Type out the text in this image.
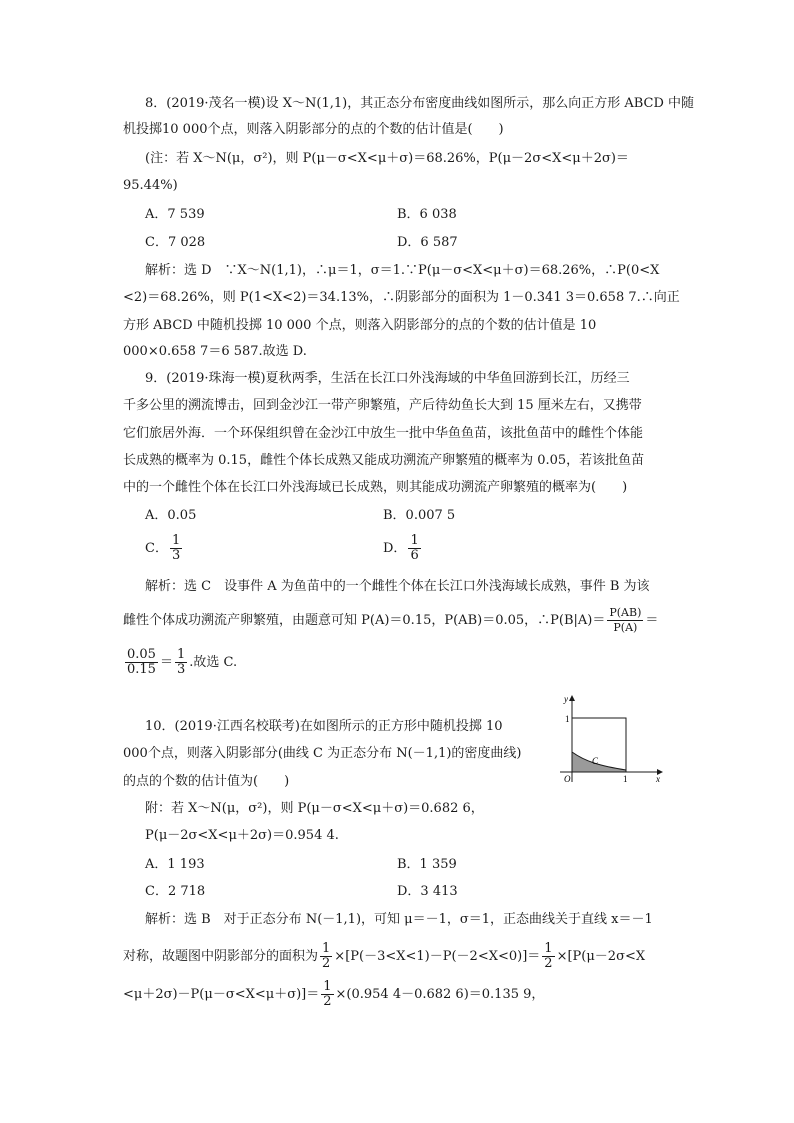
8．(2019·茂名一模)设 X～N(1,1)，其正态分布密度曲线如图所示，那么向正方形 ABCD 中随
机投掷10 000个点，则落入阴影部分的点的个数的估计值是(　　)
(注：若 X～N(μ，σ²)，则 P(μ－σ<X<μ＋σ)＝68.26%，P(μ－2σ<X<μ＋2σ)＝
95.44%)
A．7 539	B．6 038
C．7 028	D．6 587
解析：选 D　∵X～N(1,1)，∴μ＝1，σ＝1.∵P(μ－σ<X<μ＋σ)＝68.26%，∴P(0<X
<2)＝68.26%，则 P(1<X<2)＝34.13%，∴阴影部分的面积为 1－0.341 3＝0.658 7.∴向正
方形 ABCD 中随机投掷 10 000 个点，则落入阴影部分的点的个数的估计值是 10
000×0.658 7＝6 587.故选 D.
9．(2019·珠海一模)夏秋两季，生活在长江口外浅海域的中华鱼回游到长江，历经三
千多公里的溯流博击，回到金沙江一带产卵繁殖，产后待幼鱼长大到 15 厘米左右，又携带
它们旅居外海．一个环保组织曾在金沙江中放生一批中华鱼鱼苗，该批鱼苗中的雌性个体能
长成熟的概率为 0.15，雌性个体长成熟又能成功溯流产卵繁殖的概率为 0.05，若该批鱼苗
中的一个雌性个体在长江口外浅海域已长成熟，则其能成功溯流产卵繁殖的概率为(　　)
A．0.05	B．0.007 5
C． $\frac{1}{3}$	D． $\frac{1}{6}$
解析：选 C　设事件 A 为鱼苗中的一个雌性个体在长江口外浅海域长成熟，事件 B 为该
雌性个体成功溯流产卵繁殖，由题意可知 P(A)＝0.15，P(AB)＝0.05，∴P(B|A)＝ $\frac{P(AB)}{P(A)}$ ＝
$\frac{0.05}{0.15} = \frac{1}{3}$ .故选 C.
10．(2019·江西名校联考)在如图所示的正方形中随机投掷 10
000个点，则落入阴影部分(曲线 C 为正态分布 N(－1,1)的密度曲线)
的点的个数的估计值为(　　)
附：若 X～N(μ，σ²)，则 P(μ－σ<X<μ＋σ)＝0.682 6，
P(μ－2σ<X<μ＋2σ)＝0.954 4.
A．1 193	B．1 359
C．2 718	D．3 413
解析：选 B　对于正态分布 N(－1,1)，可知 μ＝－1，σ＝1，正态曲线关于直线 x＝－1
对称，故题图中阴影部分的面积为 $\frac{1}{2} \times[P(-3<X<1)-P(-2<X<0)]= \frac{1}{2} \times[P(\mu-2\sigma<X$
$<\mu+2\sigma)-P(\mu-\sigma<X<\mu+\sigma)]= \frac{1}{2} \times(0.954$ 4－0.682 6)＝0.135 9，
y
x
O	1
1
C
